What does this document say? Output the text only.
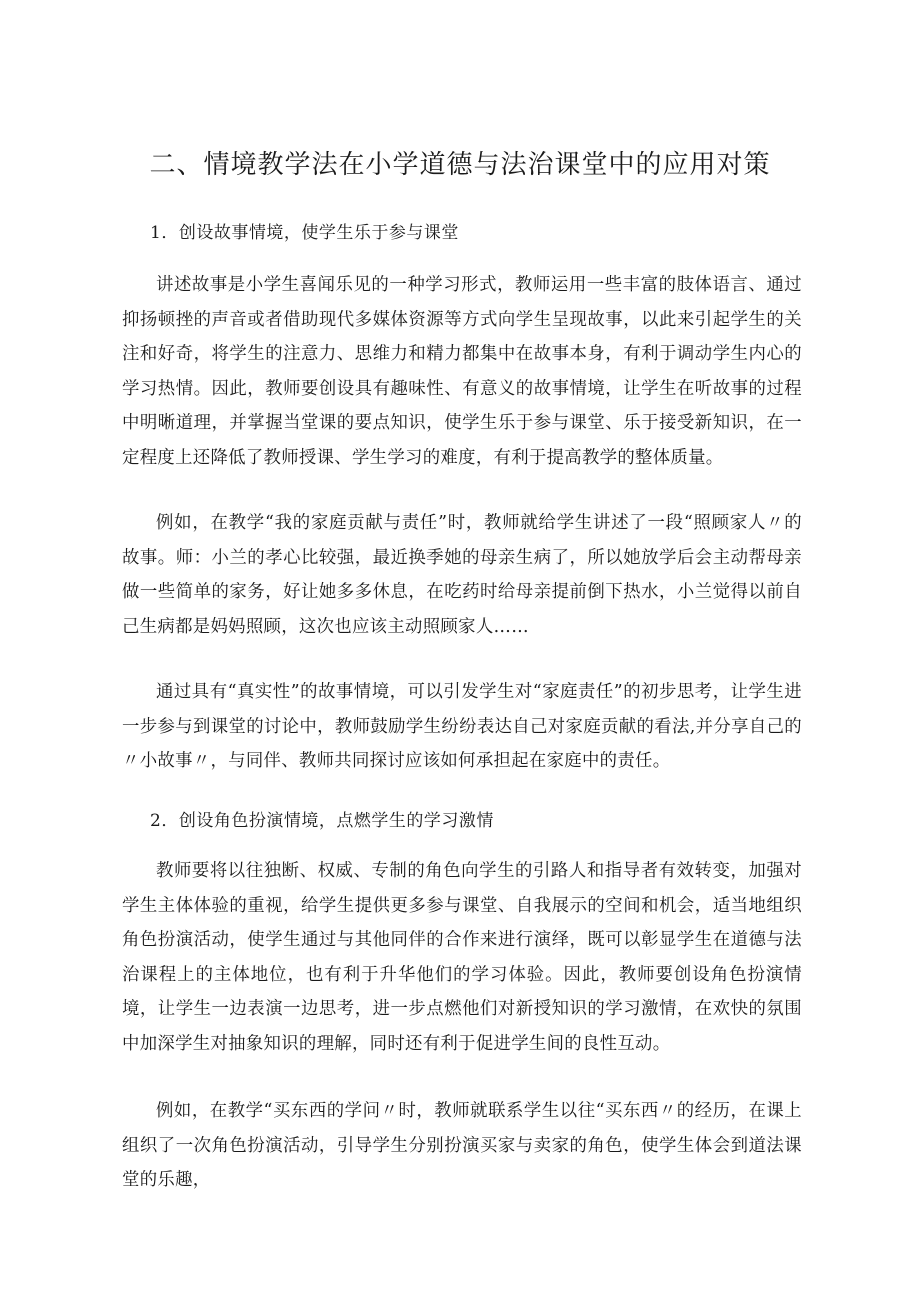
二、情境教学法在小学道德与法治课堂中的应用对策
1．创设故事情境，使学生乐于参与课堂

讲述故事是小学生喜闻乐见的一种学习形式，教师运用一些丰富的肢体语言、通过抑扬顿挫的声音或者借助现代多媒体资源等方式向学生呈现故事，以此来引起学生的关注和好奇，将学生的注意力、思维力和精力都集中在故事本身，有利于调动学生内心的学习热情。因此，教师要创设具有趣味性、有意义的故事情境，让学生在听故事的过程中明晰道理，并掌握当堂课的要点知识，使学生乐于参与课堂、乐于接受新知识，在一定程度上还降低了教师授课、学生学习的难度，有利于提高教学的整体质量。

例如，在教学“我的家庭贡献与责任”时，教师就给学生讲述了一段“照顾家人〃的故事。师：小兰的孝心比较强，最近换季她的母亲生病了，所以她放学后会主动帮母亲做一些简单的家务，好让她多多休息，在吃药时给母亲提前倒下热水，小兰觉得以前自己生病都是妈妈照顾，这次也应该主动照顾家人……

通过具有“真实性”的故事情境，可以引发学生对“家庭责任”的初步思考，让学生进一步参与到课堂的讨论中，教师鼓励学生纷纷表达自己对家庭贡献的看法,并分享自己的〃小故事〃，与同伴、教师共同探讨应该如何承担起在家庭中的责任。

2．创设角色扮演情境，点燃学生的学习激情

教师要将以往独断、权威、专制的角色向学生的引路人和指导者有效转变，加强对学生主体体验的重视，给学生提供更多参与课堂、自我展示的空间和机会，适当地组织角色扮演活动，使学生通过与其他同伴的合作来进行演绎，既可以彰显学生在道德与法治课程上的主体地位，也有利于升华他们的学习体验。因此，教师要创设角色扮演情境，让学生一边表演一边思考，进一步点燃他们对新授知识的学习激情，在欢快的氛围中加深学生对抽象知识的理解，同时还有利于促进学生间的良性互动。

例如，在教学“买东西的学问〃时，教师就联系学生以往“买东西〃的经历，在课上组织了一次角色扮演活动，引导学生分别扮演买家与卖家的角色，使学生体会到道法课堂的乐趣，
